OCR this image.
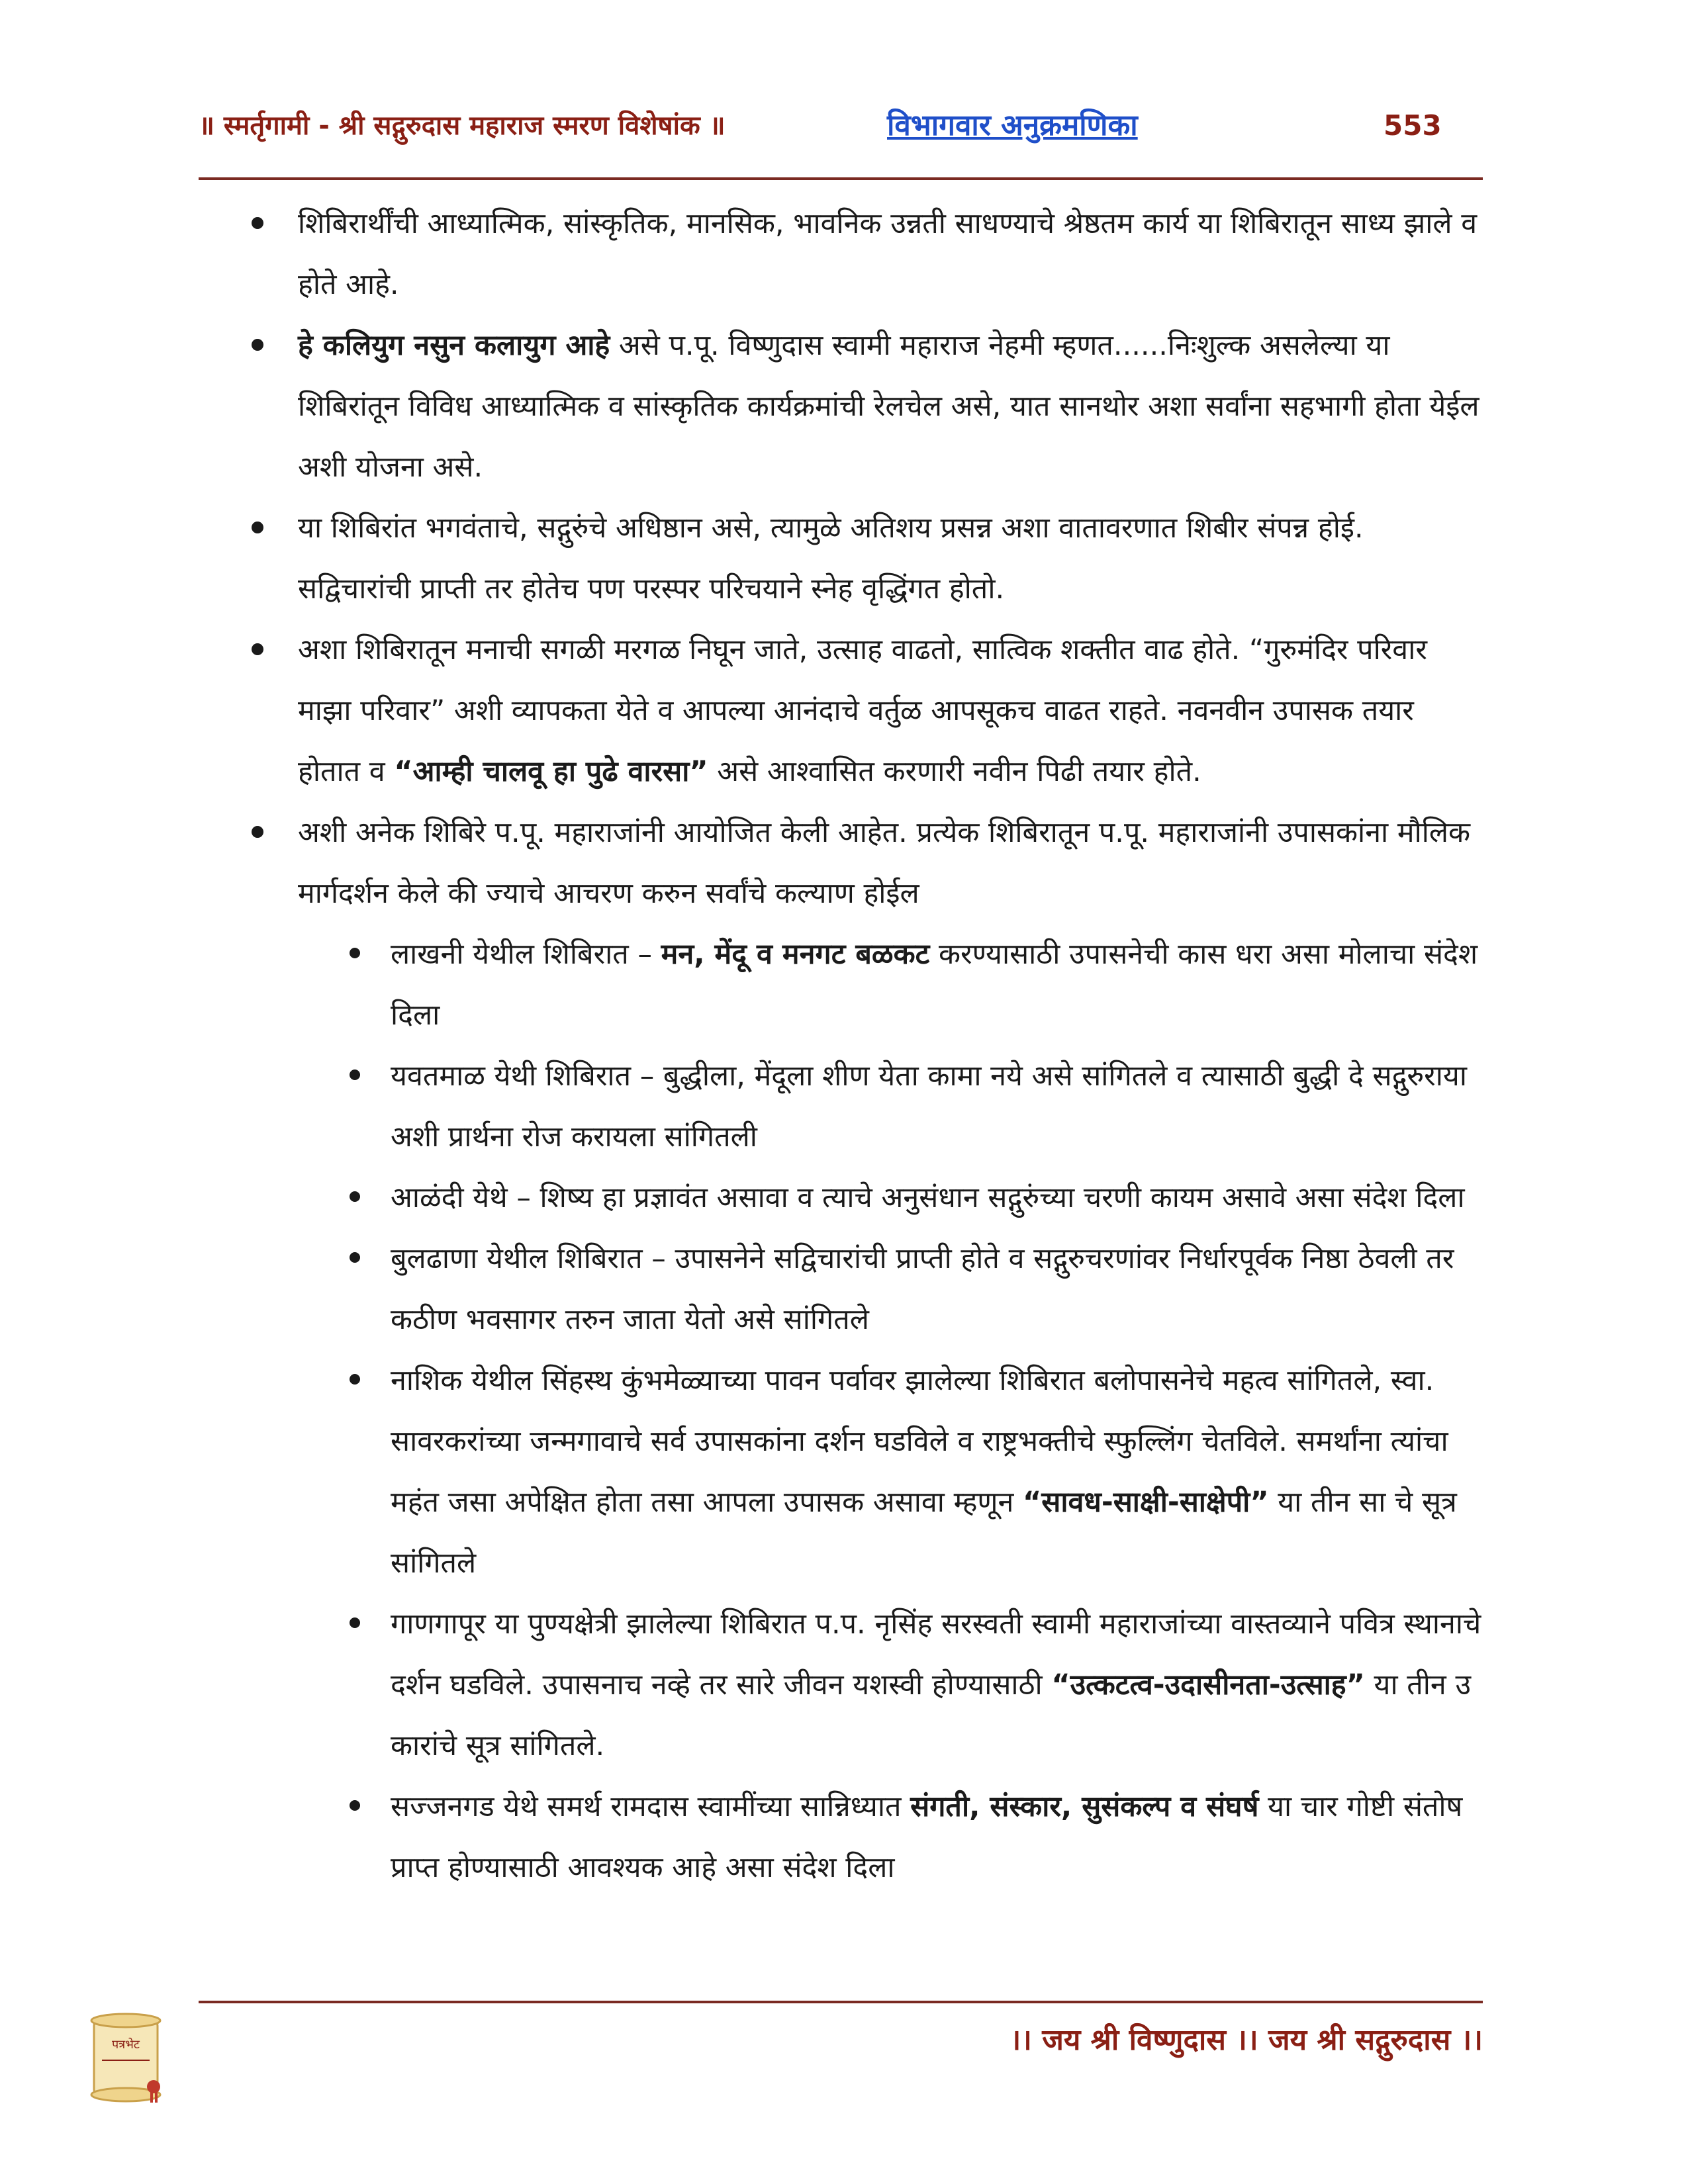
॥ स्मर्तृगामी - श्री सद्गुरुदास महाराज स्मरण विशेषांक ॥	विभागवार अनुक्रमणिका	553
शिबिरार्थींची आध्यात्मिक, सांस्कृतिक, मानसिक, भावनिक उन्नती साधण्याचे श्रेष्ठतम कार्य या शिबिरातून साध्य झाले व होते आहे.
हे कलियुग नसुन कलायुग आहे असे प.पू. विष्णुदास स्वामी महाराज नेहमी म्हणत......निःशुल्क असलेल्या या शिबिरांतून विविध आध्यात्मिक व सांस्कृतिक कार्यक्रमांची रेलचेल असे, यात सानथोर अशा सर्वांना सहभागी होता येईल अशी योजना असे.
या शिबिरांत भगवंताचे, सद्गुरुंचे अधिष्ठान असे, त्यामुळे अतिशय प्रसन्न अशा वातावरणात शिबीर संपन्न होई. सद्विचारांची प्राप्ती तर होतेच पण परस्पर परिचयाने स्नेह वृद्धिंगत होतो.
अशा शिबिरातून मनाची सगळी मरगळ निघून जाते, उत्साह वाढतो, सात्विक शक्तीत वाढ होते. “गुरुमंदिर परिवार माझा परिवार” अशी व्यापकता येते व आपल्या आनंदाचे वर्तुळ आपसूकच वाढत राहते. नवनवीन उपासक तयार होतात व “आम्ही चालवू हा पुढे वारसा” असे आश्वासित करणारी नवीन पिढी तयार होते.
अशी अनेक शिबिरे प.पू. महाराजांनी आयोजित केली आहेत. प्रत्येक शिबिरातून प.पू. महाराजांनी उपासकांना मौलिक मार्गदर्शन केले की ज्याचे आचरण करुन सर्वांचे कल्याण होईल
लाखनी येथील शिबिरात – मन, मेंदू व मनगट बळकट करण्यासाठी उपासनेची कास धरा असा मोलाचा संदेश दिला
यवतमाळ येथी शिबिरात – बुद्धीला, मेंदूला शीण येता कामा नये असे सांगितले व त्यासाठी बुद्धी दे सद्गुरुराया अशी प्रार्थना रोज करायला सांगितली
आळंदी येथे – शिष्य हा प्रज्ञावंत असावा व त्याचे अनुसंधान सद्गुरुंच्या चरणी कायम असावे असा संदेश दिला
बुलढाणा येथील शिबिरात – उपासनेने सद्विचारांची प्राप्ती होते व सद्गुरुचरणांवर निर्धारपूर्वक निष्ठा ठेवली तर कठीण भवसागर तरुन जाता येतो असे सांगितले
नाशिक येथील सिंहस्थ कुंभमेळ्याच्या पावन पर्वावर झालेल्या शिबिरात बलोपासनेचे महत्व सांगितले, स्वा. सावरकरांच्या जन्मगावाचे सर्व उपासकांना दर्शन घडविले व राष्ट्रभक्तीचे स्फुल्लिंग चेतविले. समर्थांना त्यांचा महंत जसा अपेक्षित होता तसा आपला उपासक असावा म्हणून “सावध-साक्षी-साक्षेपी” या तीन सा चे सूत्र सांगितले
गाणगापूर या पुण्यक्षेत्री झालेल्या शिबिरात प.प. नृसिंह सरस्वती स्वामी महाराजांच्या वास्तव्याने पवित्र स्थानाचे दर्शन घडविले. उपासनाच नव्हे तर सारे जीवन यशस्वी होण्यासाठी “उत्कटत्व-उदासीनता-उत्साह” या तीन उ कारांचे सूत्र सांगितले.
सज्जनगड येथे समर्थ रामदास स्वामींच्या सान्निध्यात संगती, संस्कार, सुसंकल्प व संघर्ष या चार गोष्टी संतोष प्राप्त होण्यासाठी आवश्यक आहे असा संदेश दिला
पत्रभेट	।। जय श्री विष्णुदास ।। जय श्री सद्गुरुदास ।।
